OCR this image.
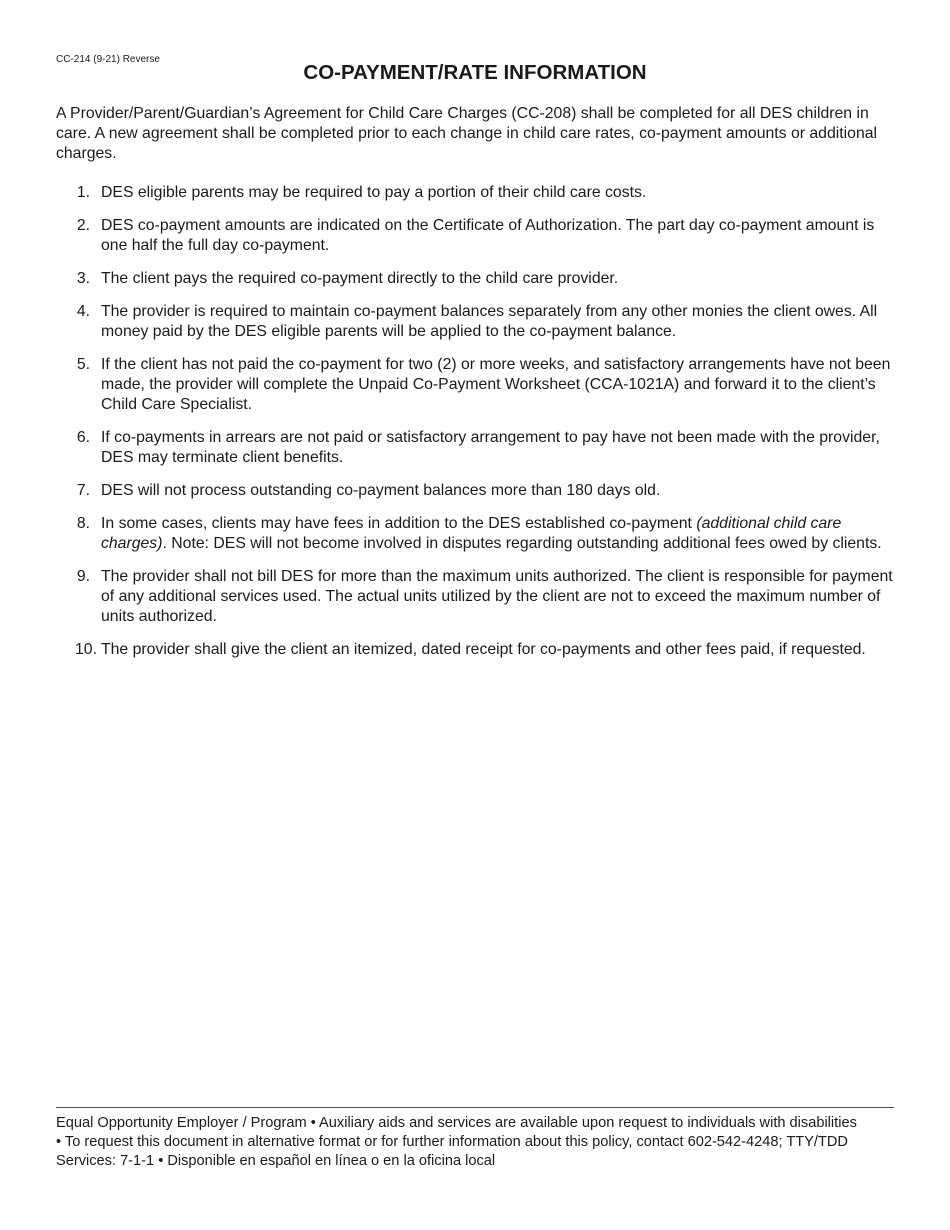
CC-214 (9-21) Reverse
CO-PAYMENT/RATE INFORMATION

A Provider/Parent/Guardian’s Agreement for Child Care Charges (CC-208) shall be completed for all DES children in care. A new agreement shall be completed prior to each change in child care rates, co-payment amounts or additional charges.

1. DES eligible parents may be required to pay a portion of their child care costs.
2. DES co-payment amounts are indicated on the Certificate of Authorization. The part day co-payment amount is one half the full day co-payment.
3. The client pays the required co-payment directly to the child care provider.
4. The provider is required to maintain co-payment balances separately from any other monies the client owes. All money paid by the DES eligible parents will be applied to the co-payment balance.
5. If the client has not paid the co-payment for two (2) or more weeks, and satisfactory arrangements have not been made, the provider will complete the Unpaid Co-Payment Worksheet (CCA-1021A) and forward it to the client’s Child Care Specialist.
6. If co-payments in arrears are not paid or satisfactory arrangement to pay have not been made with the provider, DES may terminate client benefits.
7. DES will not process outstanding co-payment balances more than 180 days old.
8. In some cases, clients may have fees in addition to the DES established co-payment (additional child care charges). Note: DES will not become involved in disputes regarding outstanding additional fees owed by clients.
9. The provider shall not bill DES for more than the maximum units authorized. The client is responsible for payment of any additional services used. The actual units utilized by the client are not to exceed the maximum number of units authorized.
10. The provider shall give the client an itemized, dated receipt for co-payments and other fees paid, if requested.

Equal Opportunity Employer / Program • Auxiliary aids and services are available upon request to individuals with disabilities
• To request this document in alternative format or for further information about this policy, contact 602-542-4248; TTY/TDD
Services: 7-1-1 • Disponible en español en línea o en la oficina local
